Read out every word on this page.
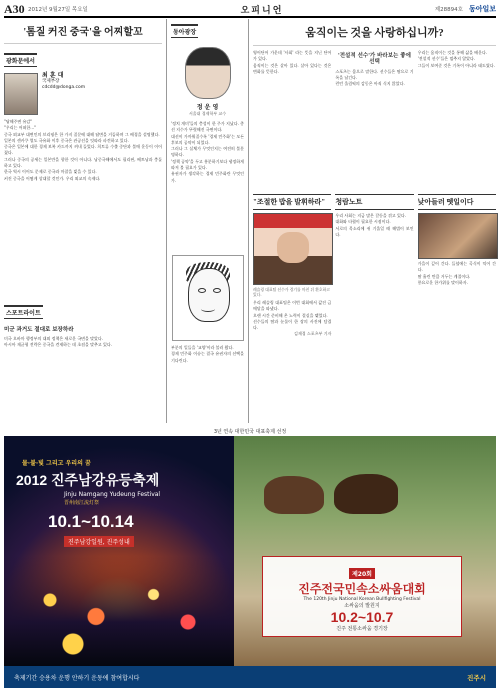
A30 2012년 9월27일 목요일	오피니언	제28894호 동아일보
'톰질 커진 중국'을 어찌할꼬
광화문에서
최 훈 대
국제부장
cdcdd@donga.com
"답해주면 유감"
"우리는 어떠한…"
중국 외교부 대변인의 브리핑은 한 가지 질문에 대해 답변을 거듭하며 그 배경을 설명했다.
일본의 센카쿠 열도 국유화 이후 중국은 관공선을 잇따라 파견하고 있다.
중국은 일본에 대한 경제 보복 카드까지 꺼내 들었다. 희토류 수출 중단과 불매 운동이 이어졌다.
그러나 중국의 공세는 일본만을 향한 것이 아니다. 남중국해에서도 필리핀, 베트남과 충돌하고 있다.
한국 역시 이어도 문제로 중국과 마찰을 빚을 수 있다.
커진 중국을 어떻게 상대할 것인가. 우리 외교의 숙제다.
스포트라이트
미군 과거도 절대로 보장하라
미국 오바마 행정부의 대외 정책은 새로운 국면을 맞았다.
아시아 재균형 전략은 중국을 견제하는 데 초점을 맞추고 있다.
동아광장
정 운 영
서울대 경제학부 교수
'정치 개미'들의 충성이 한 주가 지났다. 총선 지수가 뚜렷해진 국면이다.
대선이 가까워질수록 '경제 민주화'는 모든 후보의 공약이 되었다.
그러나 그 실체가 무엇인지는 여전히 불분명하다.
'정책 공약'을 두고 흥분하기보다 냉정하게 따져 볼 필요가 있다.
유권자가 생각하는 경제 민주화란 무엇인가.
부분의 일들을 '교양'이라 불러 왔다.
경제 민주화 이슈는 결국 유권자의 선택을 기다린다.
움직이는 것을 사랑하십니까?
영어단어 가운데 '사회' 라는 뜻을 지닌 단어가 있다.
움직이는 것은 살아 있다. 살아 있다는 것은 변화를 뜻한다.
'전설적 선수'가 바라보는 좋에 선택
스포츠는 몸으로 말한다. 선수들은 땀으로 기록을 남긴다.
런던 올림픽의 감동은 아직 식지 않았다.
우리는 움직이는 것을 통해 삶을 배운다.
'전설적 선수'들은 멈추지 않았다.
그들이 보여준 것은 기록이 아니라 태도였다.
"조절한 밥을 발휘하라"
레슬링 대표팀 선수가 경기를 마친 뒤 환호하고 있다.
우리 레슬링 대표팀은 이번 대회에서 값진 금메달을 따냈다.
오랜 시간 준비해 온 노력이 결실을 맺었다.
선수들의 땀과 눈물이 한 장의 사진에 담겼다.
김재경 스포츠부 기자
청람노트
우리 사회는 지금 많은 갈등을 겪고 있다.
대화와 타협이 필요한 시점이다.
서로의 목소리에 귀 기울일 때 해법이 보인다.
낮아들러 뗏일이다
가을이 깊어 간다. 들녘에는 곡식이 익어 간다.
땀 흘린 만큼 거두는 계절이다.
풍요로운 한가위를 맞이하자.
3년 연속 대한민국 대표축제 선정
물·불·빛 그리고 우리의 꿈
2012 진주남강유등축제
Jinju Namgang Yudeung Festival
晋州南江流灯祭
10.1~10.14
진주남강일원, 진주성내
제20회
진주전국민속소싸움대회
The 120th Jinju National Korean Bullfighting Festival
소싸움의 발원지
10.2~10.7
진주 전통소싸움 경기장
축제기간 승용차 운행 안하기 운동에 참여합시다	진주시
